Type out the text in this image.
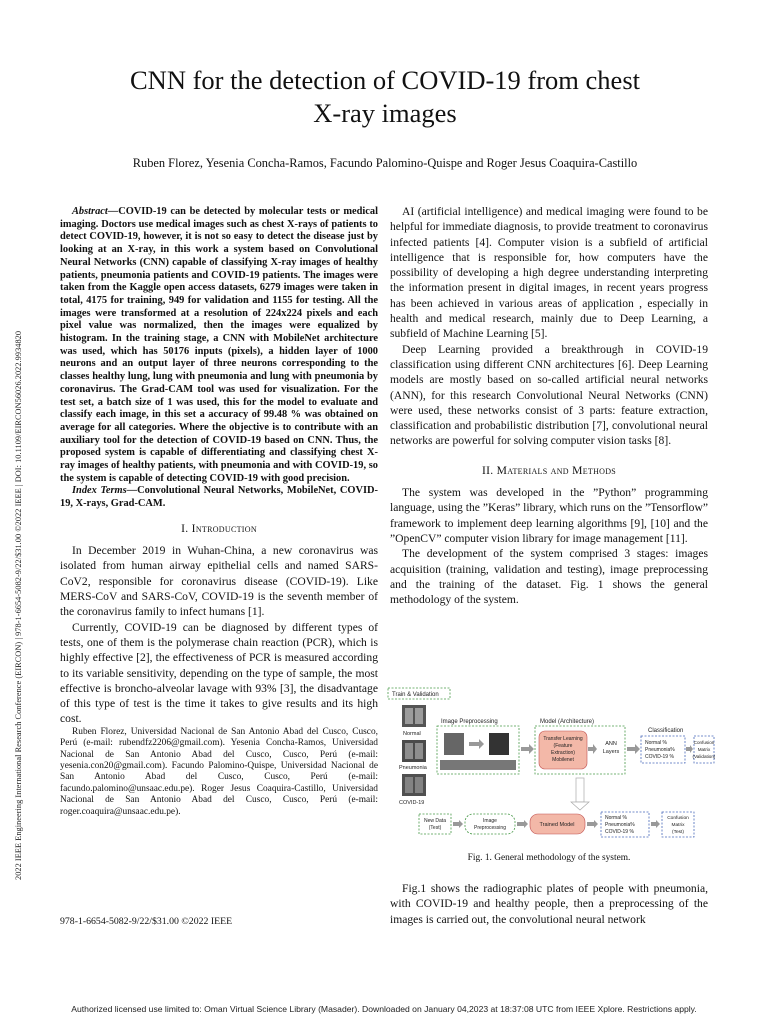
2022 IEEE Engineering International Research Conference (EIRCON) | 978-1-6654-5082-9/22/$31.00 ©2022 IEEE | DOI: 10.1109/EIRCON56026.2022.9934820
CNN for the detection of COVID-19 from chest
X-ray images
Ruben Florez, Yesenia Concha-Ramos, Facundo Palomino-Quispe and Roger Jesus Coaquira-Castillo

Abstract—COVID-19 can be detected by molecular tests or medical imaging. Doctors use medical images such as chest X-rays of patients to detect COVID-19, however, it is not so easy to detect the disease just by looking at an X-ray, in this work a system based on Convolutional Neural Networks (CNN) capable of classifying X-ray images of healthy patients, pneumonia patients and COVID-19 patients. The images were taken from the Kaggle open access datasets, 6279 images were taken in total, 4175 for training, 949 for validation and 1155 for testing. All the images were transformed at a resolution of 224x224 pixels and each pixel value was normalized, then the images were equalized by histogram. In the training stage, a CNN with MobileNet architecture was used, which has 50176 inputs (pixels), a hidden layer of 1000 neurons and an output layer of three neurons corresponding to the classes healthy lung, lung with pneumonia and lung with pneumonia by coronavirus. The Grad-CAM tool was used for visualization. For the test set, a batch size of 1 was used, this for the model to evaluate and classify each image, in this set a accuracy of 99.48 % was obtained on average for all categories. Where the objective is to contribute with an auxiliary tool for the detection of COVID-19 based on CNN. Thus, the proposed system is capable of differentiating and classifying chest X-ray images of healthy patients, with pneumonia and with COVID-19, so the system is capable of detecting COVID-19 with good precision.

Index Terms—Convolutional Neural Networks, MobileNet, COVID-19, X-rays, Grad-CAM.

I. Introduction

In December 2019 in Wuhan-China, a new coronavirus was isolated from human airway epithelial cells and named SARS-CoV2, responsible for coronavirus disease (COVID-19). Like MERS-CoV and SARS-CoV, COVID-19 is the seventh member of the coronavirus family to infect humans [1].

Currently, COVID-19 can be diagnosed by different types of tests, one of them is the polymerase chain reaction (PCR), which is highly effective [2], the effectiveness of PCR is measured according to its variable sensitivity, depending on the type of sample, the most effective is broncho-alveolar lavage with 93% [3], the disadvantage of this type of test is the time it takes to give results and its high cost.

Ruben Florez, Universidad Nacional de San Antonio Abad del Cusco, Cusco, Perú (e-mail: rubendfz2206@gmail.com). Yesenia Concha-Ramos, Universidad Nacional de San Antonio Abad del Cusco, Cusco, Perú (e-mail: yesenia.con20@gmail.com). Facundo Palomino-Quispe, Universidad Nacional de San Antonio Abad del Cusco, Cusco, Perú (e-mail: facundo.palomino@unsaac.edu.pe). Roger Jesus Coaquira-Castillo, Universidad Nacional de San Antonio Abad del Cusco, Cusco, Perú (e-mail: roger.coaquira@unsaac.edu.pe).

978-1-6654-5082-9/22/$31.00 ©2022 IEEE

AI (artificial intelligence) and medical imaging were found to be helpful for immediate diagnosis, to provide treatment to coronavirus infected patients [4]. Computer vision is a subfield of artificial intelligence that is responsible for, how computers have the possibility of developing a high degree understanding interpreting the information present in digital images, in recent years progress has been achieved in various areas of application , especially in health and medical research, mainly due to Deep Learning, a subfield of Machine Learning [5].

Deep Learning provided a breakthrough in COVID-19 classification using different CNN architectures [6]. Deep Learning models are mostly based on so-called artificial neural networks (ANN), for this research Convolutional Neural Networks (CNN) were used, these networks consist of 3 parts: feature extraction, classification and probabilistic distribution [7], convolutional neural networks are powerful for solving computer vision tasks [8].

II. Materials and Methods

The system was developed in the ”Python” programming language, using the ”Keras” library, which runs on the ”Tensorflow” framework to implement deep learning algorithms [9], [10] and the ”OpenCV” computer vision library for image management [11].

The development of the system comprised 3 stages: images acquisition (training, validation and testing), image preprocessing and the training of the dataset. Fig. 1 shows the general methodology of the system.

Train & Validation
Normal
Pneumonia
COVID-19
Image Preprocessing	Model (Architecture)
Transfer Learning
(Feature
Extraction)
Mobilenet
ANN
Layers
Classification
Normal %
Pneumonia%
COVID-19 %
Confusion
Matrix
(Validation)
New Data
(Test)
Image
Preprocessing	Trained Model
Normal %
Pneumonia%
COVID-19 %
Confusion
Matrix
(Test)
Fig. 1. General methodology of the system.

Fig.1 shows the radiographic plates of people with pneumonia, with COVID-19 and healthy people, then a preprocessing of the images is carried out, the convolutional neural network

Authorized licensed use limited to: Oman Virtual Science Library (Masader). Downloaded on January 04,2023 at 18:37:08 UTC from IEEE Xplore. Restrictions apply.
